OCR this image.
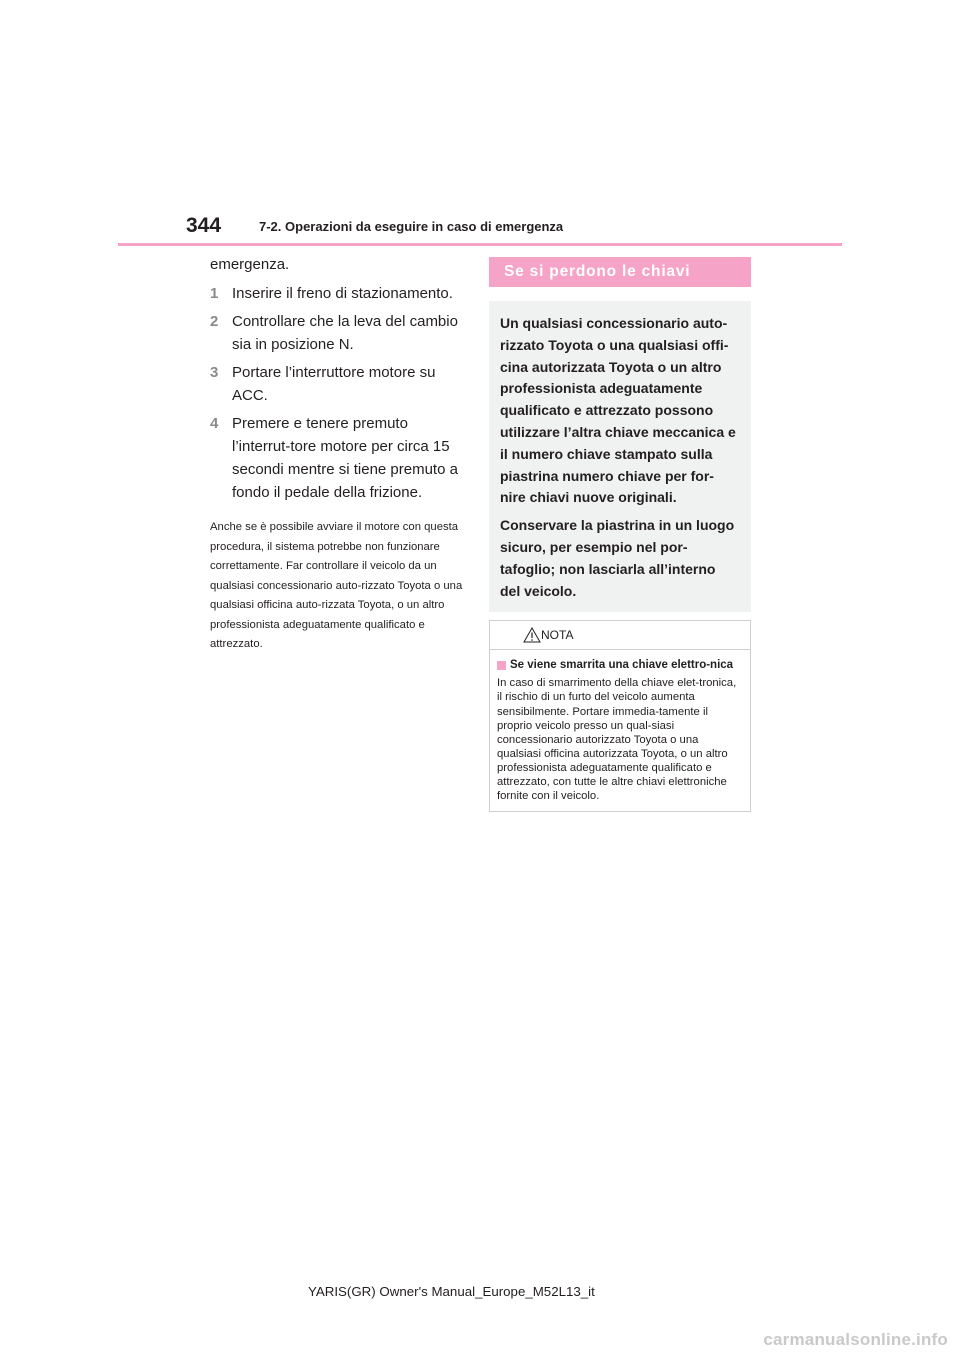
344	7-2. Operazioni da eseguire in caso di emergenza

emergenza.

1 Inserire il freno di stazionamento.
2 Controllare che la leva del cambio sia in posizione N.
3 Portare l’interruttore motore su ACC.
4 Premere e tenere premuto l’interrut-tore motore per circa 15 secondi mentre si tiene premuto a fondo il pedale della frizione.

Anche se è possibile avviare il motore con questa procedura, il sistema potrebbe non funzionare correttamente. Far controllare il veicolo da un qualsiasi concessionario auto-rizzato Toyota o una qualsiasi officina auto-rizzata Toyota, o un altro professionista adeguatamente qualificato e attrezzato.

Se si perdono le chiavi

Un qualsiasi concessionario auto-rizzato Toyota o una qualsiasi offi-cina autorizzata Toyota o un altro professionista adeguatamente qualificato e attrezzato possono utilizzare l’altra chiave meccanica e il numero chiave stampato sulla piastrina numero chiave per for-nire chiavi nuove originali.

Conservare la piastrina in un luogo sicuro, per esempio nel por-tafoglio; non lasciarla all’interno del veicolo.

NOTA
Se viene smarrita una chiave elettro-nica
In caso di smarrimento della chiave elet-tronica, il rischio di un furto del veicolo aumenta sensibilmente. Portare immedia-tamente il proprio veicolo presso un qual-siasi concessionario autorizzato Toyota o una qualsiasi officina autorizzata Toyota, o un altro professionista adeguatamente qualificato e attrezzato, con tutte le altre chiavi elettroniche fornite con il veicolo.
YARIS(GR) Owner's Manual_Europe_M52L13_it
carmanualsonline.info
